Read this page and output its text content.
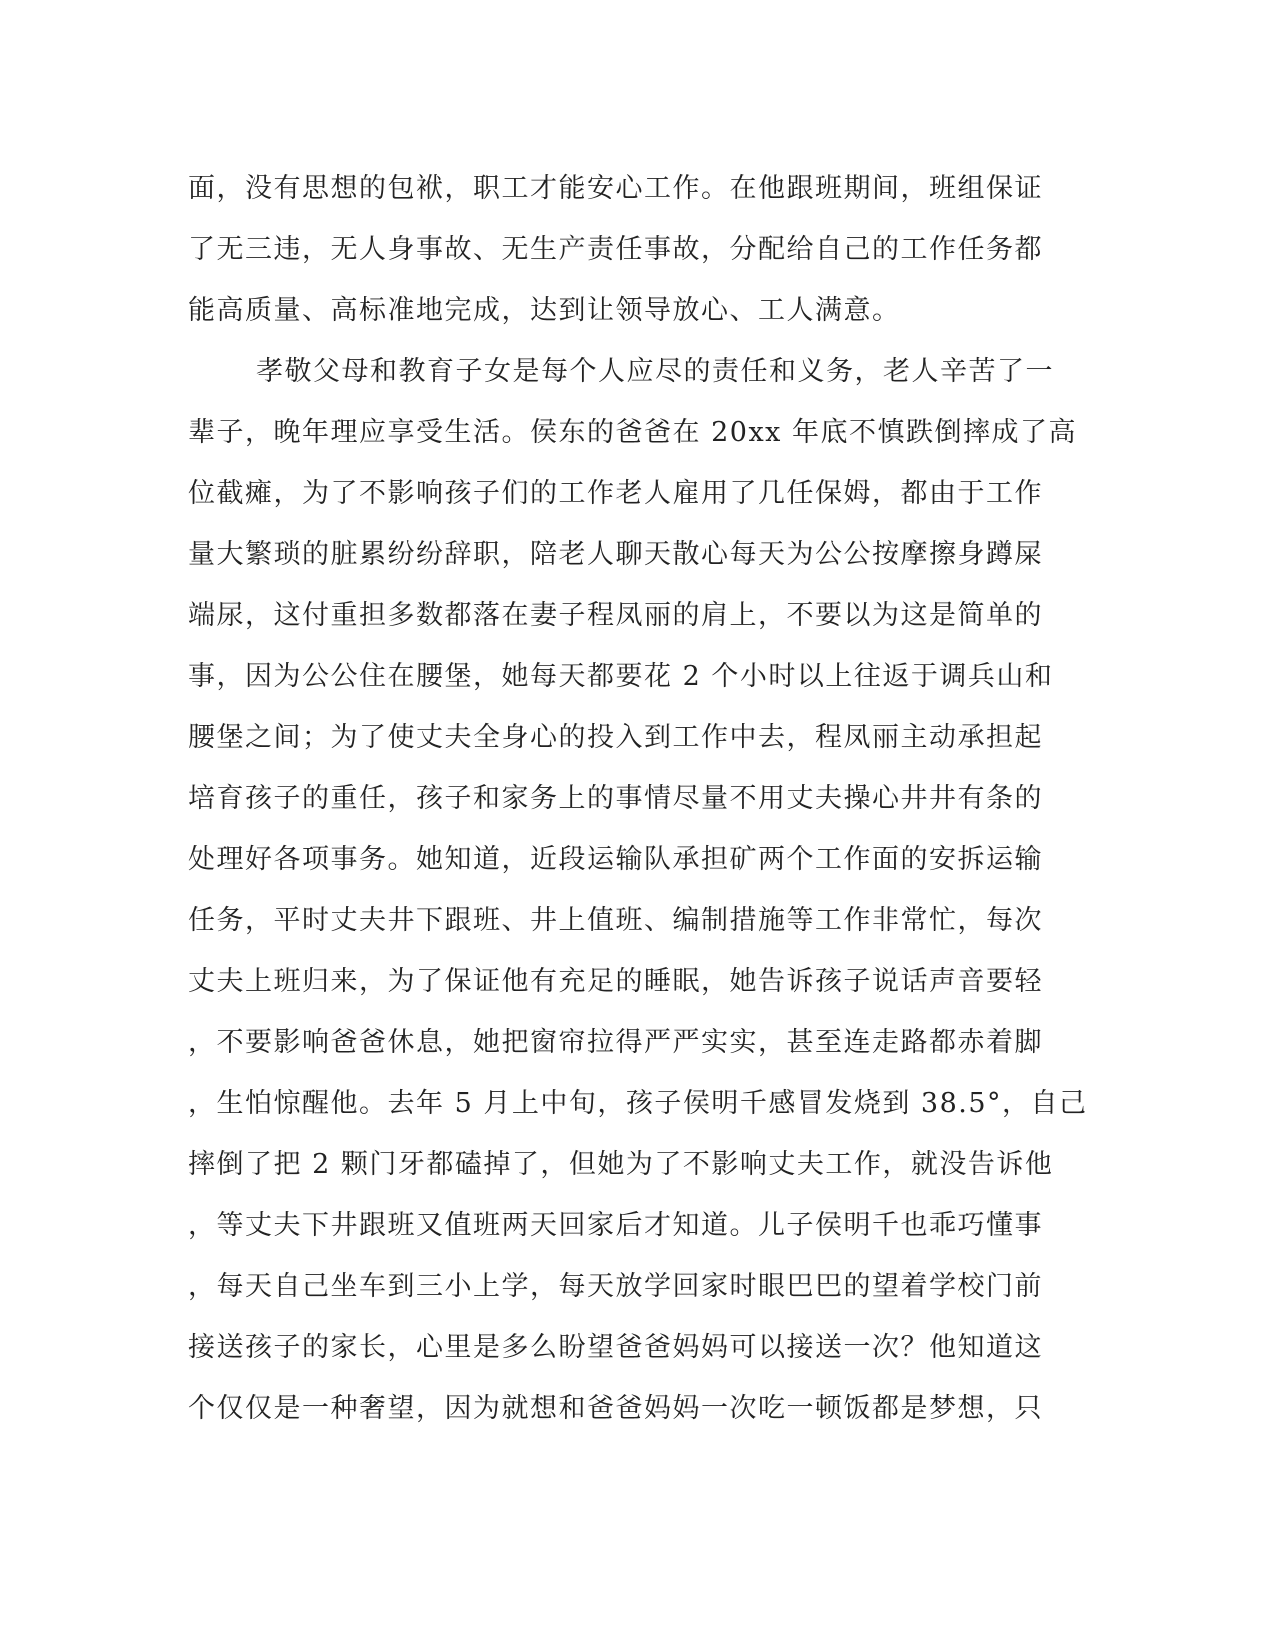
面，没有思想的包袱，职工才能安心工作。在他跟班期间，班组保证
了无三违，无人身事故、无生产责任事故，分配给自己的工作任务都
能高质量、高标准地完成，达到让领导放心、工人满意。
孝敬父母和教育子女是每个人应尽的责任和义务，老人辛苦了一
辈子，晚年理应享受生活。侯东的爸爸在 20xx 年底不慎跌倒摔成了高
位截瘫，为了不影响孩子们的工作老人雇用了几任保姆，都由于工作
量大繁琐的脏累纷纷辞职，陪老人聊天散心每天为公公按摩擦身蹲屎
端尿，这付重担多数都落在妻子程凤丽的肩上，不要以为这是简单的
事，因为公公住在腰堡，她每天都要花 2 个小时以上往返于调兵山和
腰堡之间；为了使丈夫全身心的投入到工作中去，程凤丽主动承担起
培育孩子的重任，孩子和家务上的事情尽量不用丈夫操心井井有条的
处理好各项事务。她知道，近段运输队承担矿两个工作面的安拆运输
任务，平时丈夫井下跟班、井上值班、编制措施等工作非常忙，每次
丈夫上班归来，为了保证他有充足的睡眠，她告诉孩子说话声音要轻
，不要影响爸爸休息，她把窗帘拉得严严实实，甚至连走路都赤着脚
，生怕惊醒他。去年 5 月上中旬，孩子侯明千感冒发烧到 38.5°，自己
摔倒了把 2 颗门牙都磕掉了，但她为了不影响丈夫工作，就没告诉他
，等丈夫下井跟班又值班两天回家后才知道。儿子侯明千也乖巧懂事
，每天自己坐车到三小上学，每天放学回家时眼巴巴的望着学校门前
接送孩子的家长，心里是多么盼望爸爸妈妈可以接送一次？他知道这
个仅仅是一种奢望，因为就想和爸爸妈妈一次吃一顿饭都是梦想，只
